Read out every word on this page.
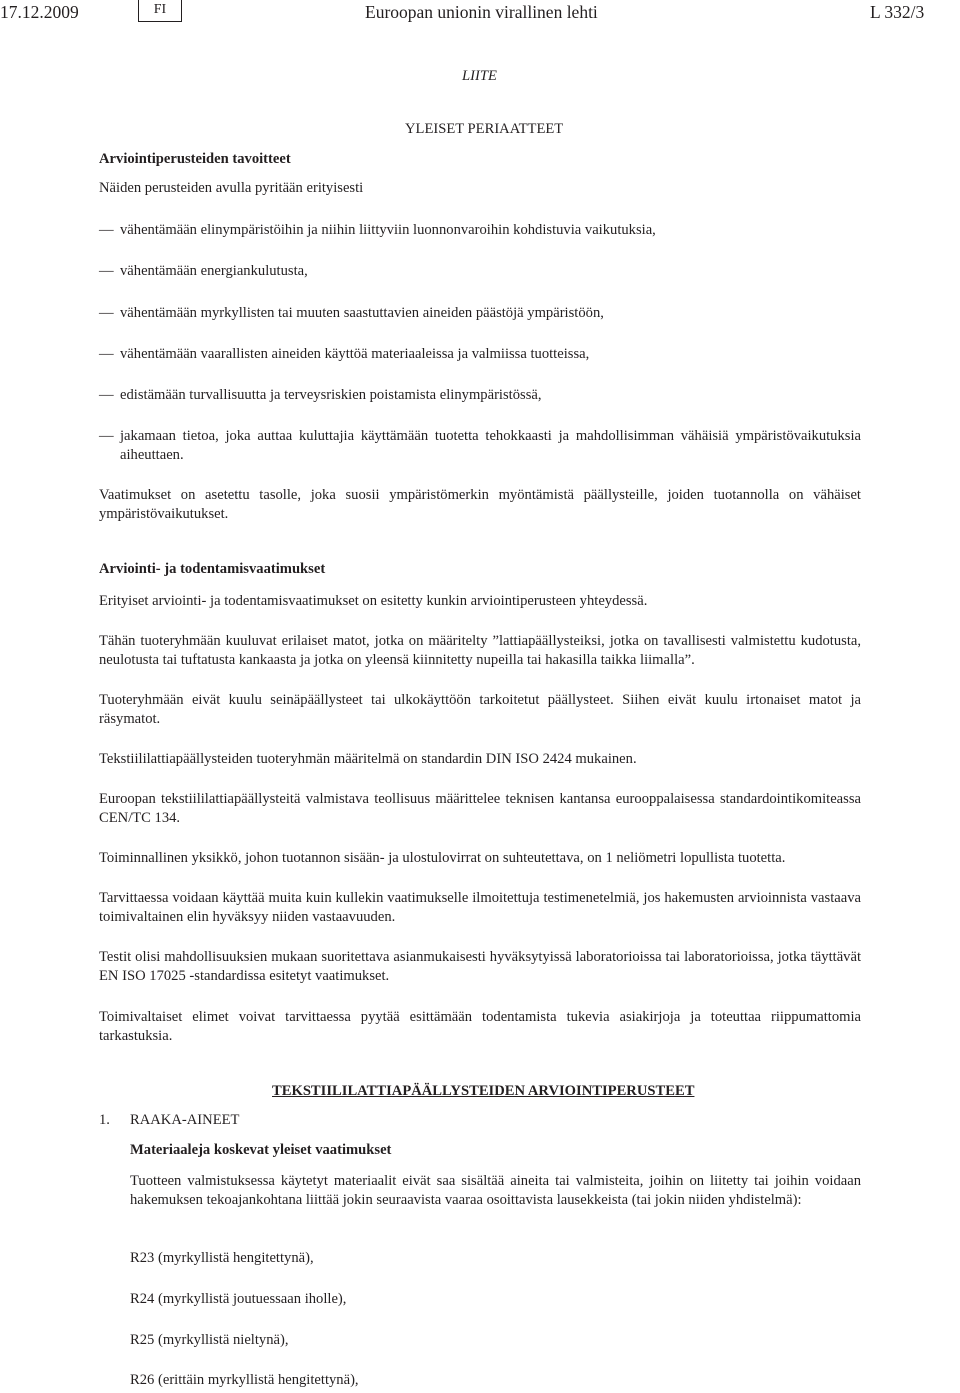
17.12.2009	FI	Euroopan unionin virallinen lehti	L 332/3
LIITE
YLEISET PERIAATTEET
Arviointiperusteiden tavoitteet
Näiden perusteiden avulla pyritään erityisesti
— vähentämään elinympäristöihin ja niihin liittyviin luonnonvaroihin kohdistuvia vaikutuksia,
— vähentämään energiankulutusta,
— vähentämään myrkyllisten tai muuten saastuttavien aineiden päästöjä ympäristöön,
— vähentämään vaarallisten aineiden käyttöä materiaaleissa ja valmiissa tuotteissa,
— edistämään turvallisuutta ja terveysriskien poistamista elinympäristössä,
— jakamaan tietoa, joka auttaa kuluttajia käyttämään tuotetta tehokkaasti ja mahdollisimman vähäisiä ympäristövaikutuksia aiheuttaen.
Vaatimukset on asetettu tasolle, joka suosii ympäristömerkin myöntämistä päällysteille, joiden tuotannolla on vähäiset ympäristövaikutukset.
Arviointi- ja todentamisvaatimukset
Erityiset arviointi- ja todentamisvaatimukset on esitetty kunkin arviointiperusteen yhteydessä.
Tähän tuoteryhmään kuuluvat erilaiset matot, jotka on määritelty ”lattiapäällysteiksi, jotka on tavallisesti valmistettu kudotusta, neulotusta tai tuftatusta kankaasta ja jotka on yleensä kiinnitetty nupeilla tai hakasilla taikka liimalla”.
Tuoteryhmään eivät kuulu seinäpäällysteet tai ulkokäyttöön tarkoitetut päällysteet. Siihen eivät kuulu irtonaiset matot ja räsymatot.
Tekstiililattiapäällysteiden tuoteryhmän määritelmä on standardin DIN ISO 2424 mukainen.
Euroopan tekstiililattiapäällysteitä valmistava teollisuus määrittelee teknisen kantansa eurooppalaisessa standardointikomiteassa CEN/TC 134.
Toiminnallinen yksikkö, johon tuotannon sisään- ja ulostulovirrat on suhteutettava, on 1 neliömetri lopullista tuotetta.
Tarvittaessa voidaan käyttää muita kuin kullekin vaatimukselle ilmoitettuja testimenetelmiä, jos hakemusten arvioinnista vastaava toimivaltainen elin hyväksyy niiden vastaavuuden.
Testit olisi mahdollisuuksien mukaan suoritettava asianmukaisesti hyväksytyissä laboratorioissa tai laboratorioissa, jotka täyttävät EN ISO 17025 -standardissa esitetyt vaatimukset.
Toimivaltaiset elimet voivat tarvittaessa pyytää esittämään todentamista tukevia asiakirjoja ja toteuttaa riippumattomia tarkastuksia.
TEKSTIILILATTIAPÄÄLLYSTEIDEN ARVIOINTIPERUSTEET
1. RAAKA-AINEET
Materiaaleja koskevat yleiset vaatimukset
Tuotteen valmistuksessa käytetyt materiaalit eivät saa sisältää aineita tai valmisteita, joihin on liitetty tai joihin voidaan hakemuksen tekoajankohtana liittää jokin seuraavista vaaraa osoittavista lausekkeista (tai jokin niiden yhdistelmä):
R23 (myrkyllistä hengitettynä),
R24 (myrkyllistä joutuessaan iholle),
R25 (myrkyllistä nieltynä),
R26 (erittäin myrkyllistä hengitettynä),
